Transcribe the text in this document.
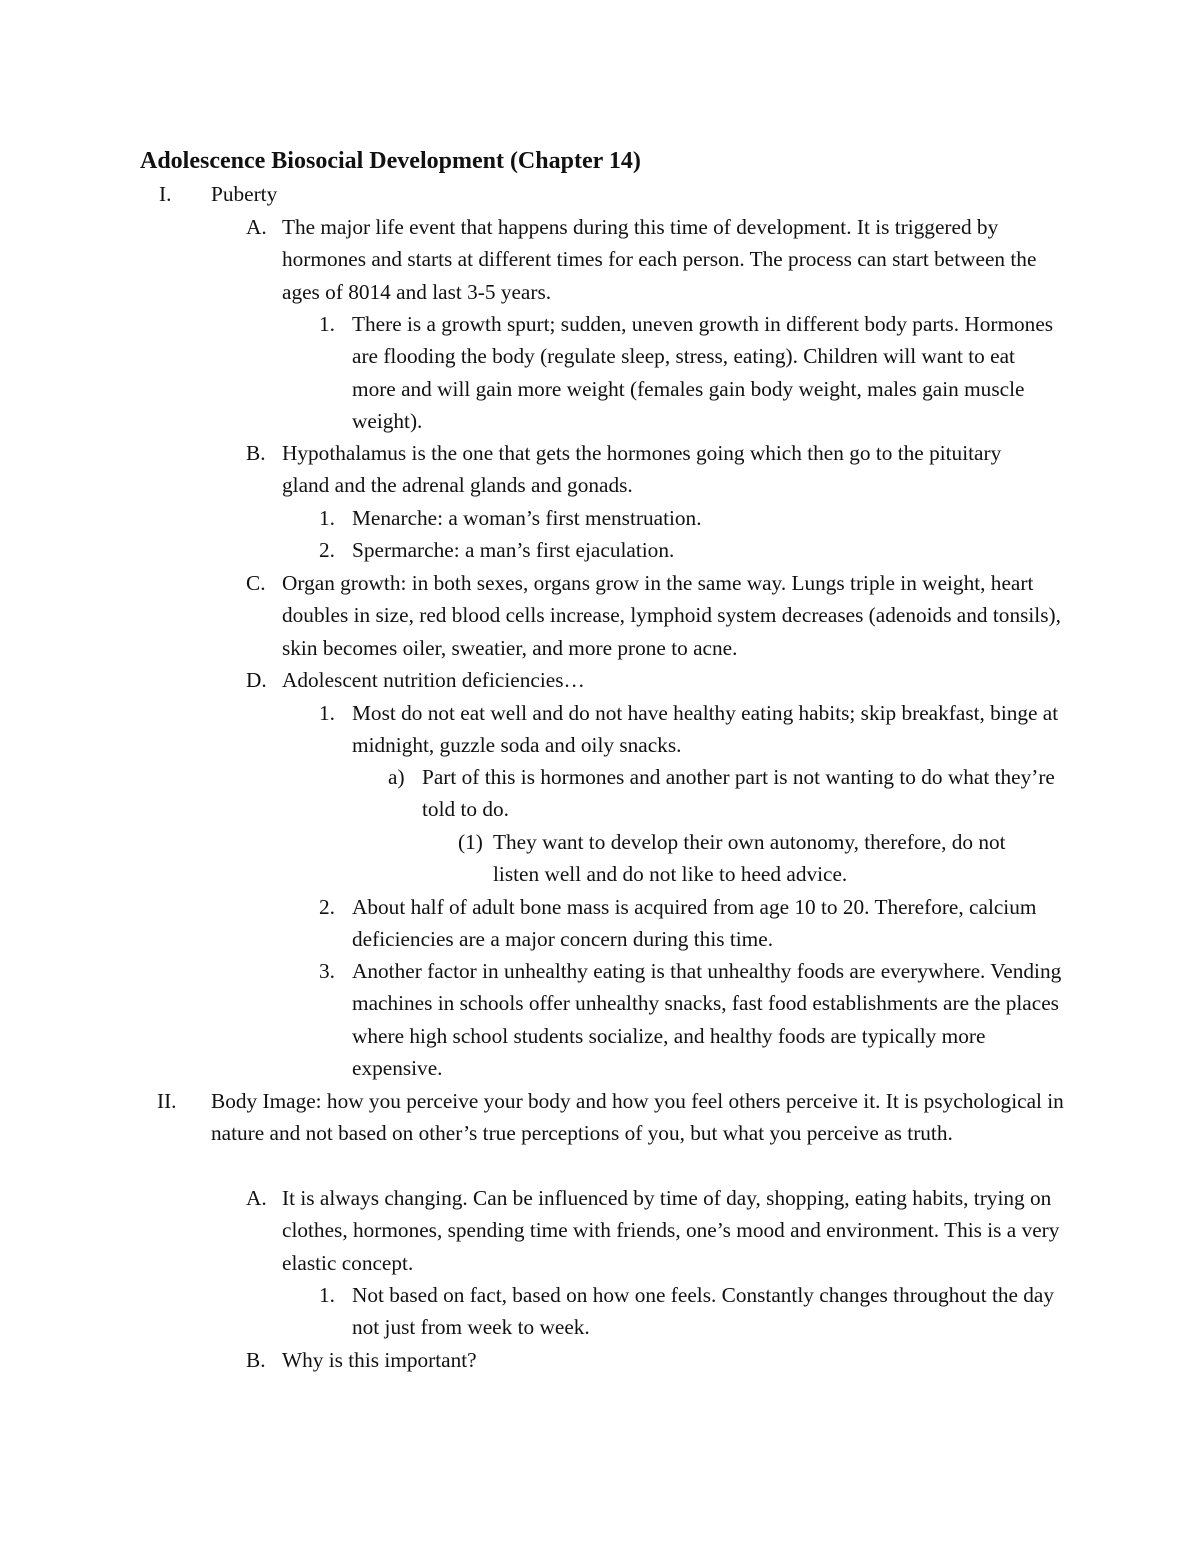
Adolescence Biosocial Development (Chapter 14)
I. Puberty
A. The major life event that happens during this time of development. It is triggered by hormones and starts at different times for each person. The process can start between the ages of 8014 and last 3-5 years.
1. There is a growth spurt; sudden, uneven growth in different body parts. Hormones are flooding the body (regulate sleep, stress, eating). Children will want to eat more and will gain more weight (females gain body weight, males gain muscle weight).
B. Hypothalamus is the one that gets the hormones going which then go to the pituitary gland and the adrenal glands and gonads.
1. Menarche: a woman’s first menstruation.
2. Spermarche: a man’s first ejaculation.
C. Organ growth: in both sexes, organs grow in the same way. Lungs triple in weight, heart doubles in size, red blood cells increase, lymphoid system decreases (adenoids and tonsils), skin becomes oiler, sweatier, and more prone to acne.
D. Adolescent nutrition deficiencies…
1. Most do not eat well and do not have healthy eating habits; skip breakfast, binge at midnight, guzzle soda and oily snacks.
a) Part of this is hormones and another part is not wanting to do what they’re told to do.
(1) They want to develop their own autonomy, therefore, do not listen well and do not like to heed advice.
2. About half of adult bone mass is acquired from age 10 to 20. Therefore, calcium deficiencies are a major concern during this time.
3. Another factor in unhealthy eating is that unhealthy foods are everywhere. Vending machines in schools offer unhealthy snacks, fast food establishments are the places where high school students socialize, and healthy foods are typically more expensive.
II. Body Image: how you perceive your body and how you feel others perceive it. It is psychological in nature and not based on other’s true perceptions of you, but what you perceive as truth.
A. It is always changing. Can be influenced by time of day, shopping, eating habits, trying on clothes, hormones, spending time with friends, one’s mood and environment. This is a very elastic concept.
1. Not based on fact, based on how one feels. Constantly changes throughout the day not just from week to week.
B. Why is this important?
